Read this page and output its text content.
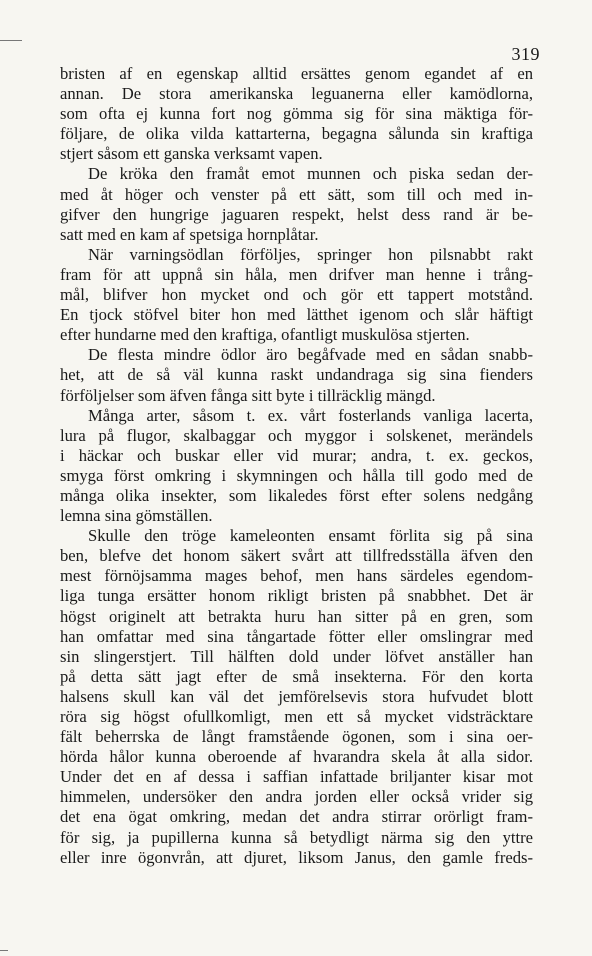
319
bristen af en egenskap alltid ersättes genom egandet af en
annan. De stora amerikanska leguanerna eller kamödlorna,
som ofta ej kunna fort nog gömma sig för sina mäktiga för-
följare, de olika vilda kattarterna, begagna sålunda sin kraftiga
stjert såsom ett ganska verksamt vapen.
De kröka den framåt emot munnen och piska sedan der-
med åt höger och venster på ett sätt, som till och med in-
gifver den hungrige jaguaren respekt, helst dess rand är be-
satt med en kam af spetsiga hornplåtar.
När varningsödlan förföljes, springer hon pilsnabbt rakt
fram för att uppnå sin håla, men drifver man henne i trång-
mål, blifver hon mycket ond och gör ett tappert motstånd.
En tjock stöfvel biter hon med lätthet igenom och slår häftigt
efter hundarne med den kraftiga, ofantligt muskulösa stjerten.
De flesta mindre ödlor äro begåfvade med en sådan snabb-
het, att de så väl kunna raskt undandraga sig sina fienders
förföljelser som äfven fånga sitt byte i tillräcklig mängd.
Många arter, såsom t. ex. vårt fosterlands vanliga lacerta,
lura på flugor, skalbaggar och myggor i solskenet, merändels
i häckar och buskar eller vid murar; andra, t. ex. geckos,
smyga först omkring i skymningen och hålla till godo med de
många olika insekter, som likaledes först efter solens nedgång
lemna sina gömställen.
Skulle den tröge kameleonten ensamt förlita sig på sina
ben, blefve det honom säkert svårt att tillfredsställa äfven den
mest förnöjsamma mages behof, men hans särdeles egendom-
liga tunga ersätter honom rikligt bristen på snabbhet. Det är
högst originelt att betrakta huru han sitter på en gren, som
han omfattar med sina tångartade fötter eller omslingrar med
sin slingerstjert. Till hälften dold under löfvet anställer han
på detta sätt jagt efter de små insekterna. För den korta
halsens skull kan väl det jemförelsevis stora hufvudet blott
röra sig högst ofullkomligt, men ett så mycket vidsträcktare
fält beherrska de långt framstående ögonen, som i sina oer-
hörda hålor kunna oberoende af hvarandra skela åt alla sidor.
Under det en af dessa i saffian infattade briljanter kisar mot
himmelen, undersöker den andra jorden eller också vrider sig
det ena ögat omkring, medan det andra stirrar orörligt fram-
för sig, ja pupillerna kunna så betydligt närma sig den yttre
eller inre ögonvrån, att djuret, liksom Janus, den gamle freds-
